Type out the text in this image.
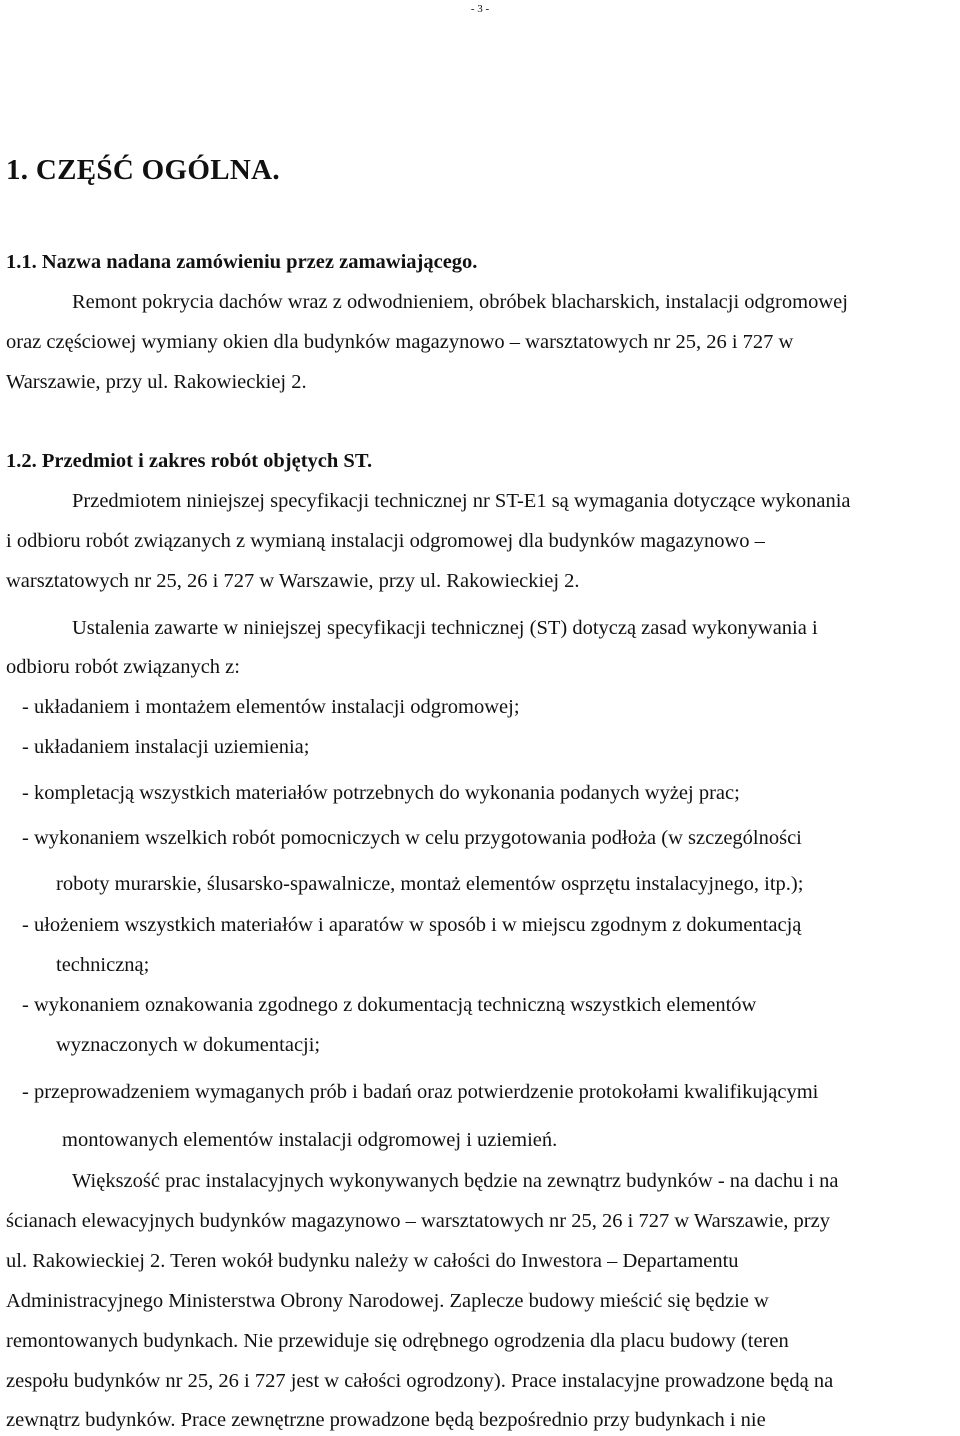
- 3 -
1. CZĘŚĆ OGÓLNA.
1.1. Nazwa nadana zamówieniu przez zamawiającego.
Remont pokrycia dachów wraz z odwodnieniem, obróbek blacharskich, instalacji odgromowej
oraz częściowej wymiany okien dla budynków magazynowo – warsztatowych nr 25, 26 i 727 w
Warszawie, przy ul. Rakowieckiej 2.
1.2. Przedmiot i zakres robót objętych ST.
Przedmiotem niniejszej specyfikacji technicznej nr ST-E1 są wymagania dotyczące wykonania
i odbioru robót związanych z wymianą instalacji odgromowej dla budynków magazynowo –
warsztatowych nr 25, 26 i 727 w Warszawie, przy ul. Rakowieckiej 2.
Ustalenia zawarte w niniejszej specyfikacji technicznej (ST) dotyczą zasad wykonywania i
odbioru robót związanych z:
- układaniem i montażem elementów instalacji odgromowej;
- układaniem instalacji uziemienia;
- kompletacją wszystkich materiałów potrzebnych do wykonania podanych wyżej prac;
- wykonaniem wszelkich robót pomocniczych w celu przygotowania podłoża (w szczególności
roboty murarskie, ślusarsko-spawalnicze, montaż elementów osprzętu instalacyjnego, itp.);
- ułożeniem wszystkich materiałów i aparatów w sposób i w miejscu zgodnym z dokumentacją
techniczną;
- wykonaniem oznakowania zgodnego z dokumentacją techniczną wszystkich elementów
wyznaczonych w dokumentacji;
- przeprowadzeniem wymaganych prób i badań oraz potwierdzenie protokołami kwalifikującymi
montowanych elementów instalacji odgromowej i uziemień.
Większość prac instalacyjnych wykonywanych będzie na zewnątrz budynków - na dachu i na
ścianach elewacyjnych budynków magazynowo – warsztatowych nr 25, 26 i 727 w Warszawie, przy
ul. Rakowieckiej 2. Teren wokół budynku należy w całości do Inwestora – Departamentu
Administracyjnego Ministerstwa Obrony Narodowej. Zaplecze budowy mieścić się będzie w
remontowanych budynkach. Nie przewiduje się odrębnego ogrodzenia dla placu budowy (teren
zespołu budynków nr 25, 26 i 727 jest w całości ogrodzony). Prace instalacyjne prowadzone będą na
zewnątrz budynków. Prace zewnętrzne prowadzone będą bezpośrednio przy budynkach i nie
